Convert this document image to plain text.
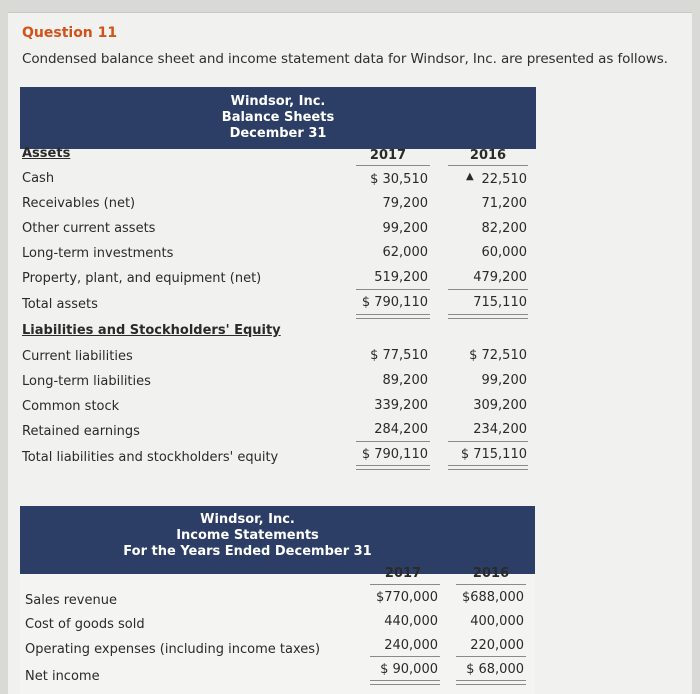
Question 11
Condensed balance sheet and income statement data for Windsor, Inc. are presented as follows.
Windsor, Inc.
Balance Sheets
December 31
Assets	2017	2016
Cash	$ 30,510	22,510
▲
Receivables (net)	79,200	71,200
Other current assets	99,200	82,200
Long-term investments	62,000	60,000
Property, plant, and equipment (net)	519,200	479,200
Total assets	$ 790,110	715,110
Liabilities and Stockholders' Equity
Current liabilities	$ 77,510	$ 72,510
Long-term liabilities	89,200	99,200
Common stock	339,200	309,200
Retained earnings	284,200	234,200
Total liabilities and stockholders' equity	$ 790,110	$ 715,110
Windsor, Inc.
Income Statements
For the Years Ended December 31
2017	2016
Sales revenue	$770,000	$688,000
Cost of goods sold	440,000	400,000
Operating expenses (including income taxes)	240,000	220,000
Net income	$ 90,000	$ 68,000
